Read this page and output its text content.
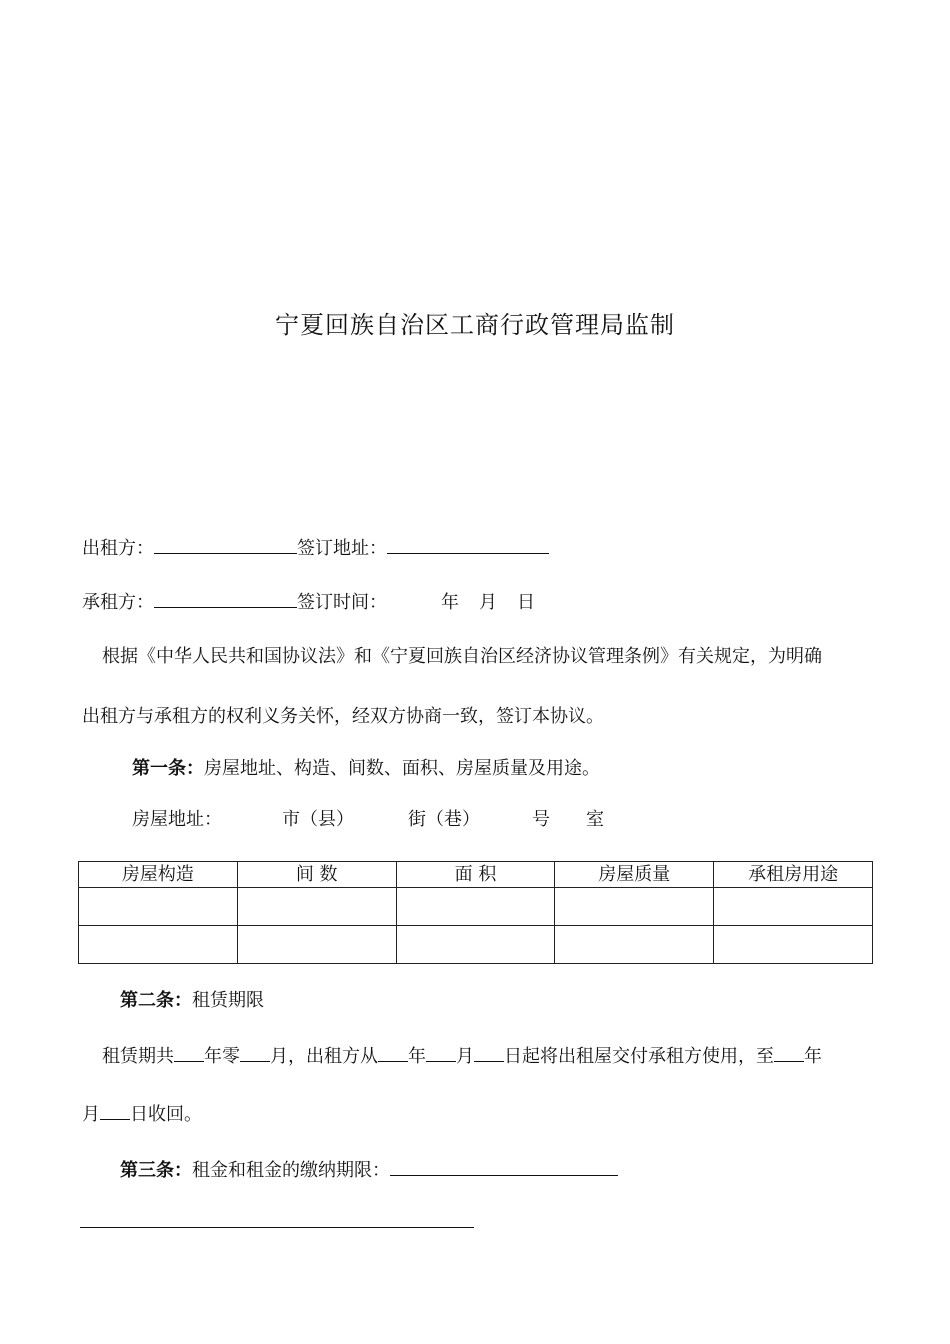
宁夏回族自治区工商行政管理局监制
出租方：	签订地址：
承租方：	签订时间：	年 月 日
根据《中华人民共和国协议法》和《宁夏回族自治区经济协议管理条例》有关规定，为明确
出租方与承租方的权利义务关怀，经双方协商一致，签订本协议。
第一条：房屋地址、构造、间数、面积、房屋质量及用途。
房屋地址：	市（县）	街（巷）	号 室
房屋构造	间 数	面 积	房屋质量	承租房用途

第二条：租赁期限
租赁期共 年零 月，出租方从 年 月 日起将出租屋交付承租方使用，至 年
月 日收回。
第三条：租金和租金的缴纳期限：
